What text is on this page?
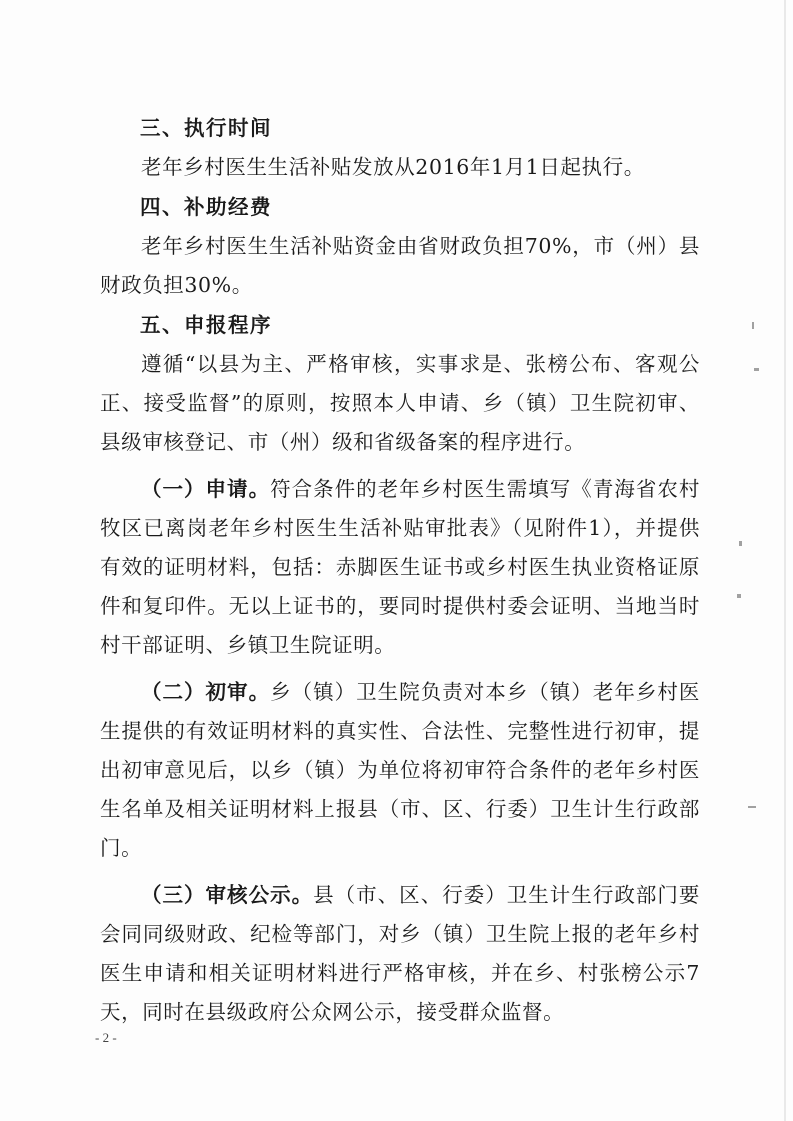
三、执行时间

老年乡村医生生活补贴发放从2016年1月1日起执行。

四、补助经费

老年乡村医生生活补贴资金由省财政负担70%，市（州）县财政负担30%。

五、申报程序

遵循“以县为主、严格审核，实事求是、张榜公布、客观公正、接受监督”的原则，按照本人申请、乡（镇）卫生院初审、县级审核登记、市（州）级和省级备案的程序进行。

（一）申请。符合条件的老年乡村医生需填写《青海省农村牧区已离岗老年乡村医生生活补贴审批表》（见附件1），并提供有效的证明材料，包括：赤脚医生证书或乡村医生执业资格证原件和复印件。无以上证书的，要同时提供村委会证明、当地当时村干部证明、乡镇卫生院证明。

（二）初审。乡（镇）卫生院负责对本乡（镇）老年乡村医生提供的有效证明材料的真实性、合法性、完整性进行初审，提出初审意见后，以乡（镇）为单位将初审符合条件的老年乡村医生名单及相关证明材料上报县（市、区、行委）卫生计生行政部门。

（三）审核公示。县（市、区、行委）卫生计生行政部门要会同同级财政、纪检等部门，对乡（镇）卫生院上报的老年乡村医生申请和相关证明材料进行严格审核，并在乡、村张榜公示7天，同时在县级政府公众网公示，接受群众监督。

- 2 -
